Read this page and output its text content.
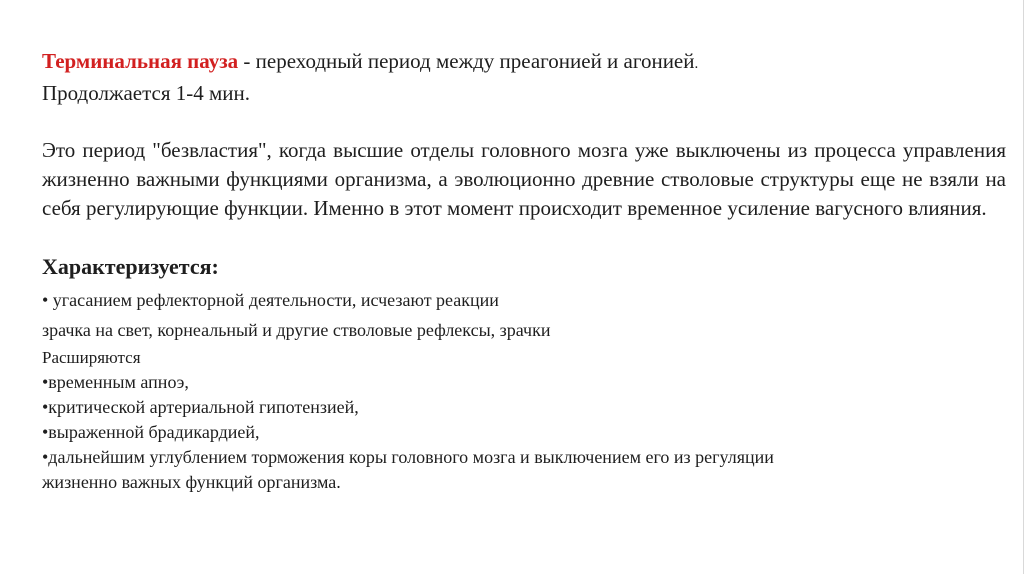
Терминальная пауза - переходный период между преагонией и агонией.
Продолжается 1-4 мин.

Это период "безвластия", когда высшие отделы головного мозга уже выключены из процесса управления жизненно важными функциями организма, а эволюционно древние стволовые структуры еще не взяли на себя регулирующие функции. Именно в этот момент происходит временное усиление вагусного влияния.

Характеризуется:

• угасанием рефлекторной деятельности, исчезают реакции

зрачка на свет, корнеальный и другие стволовые рефлексы, зрачки

Расширяются

•временным апноэ,

•критической артериальной гипотензией,

•выраженной брадикардией,

•дальнейшим углублением торможения коры головного мозга и выключением его из регуляции

жизненно важных функций организма.
